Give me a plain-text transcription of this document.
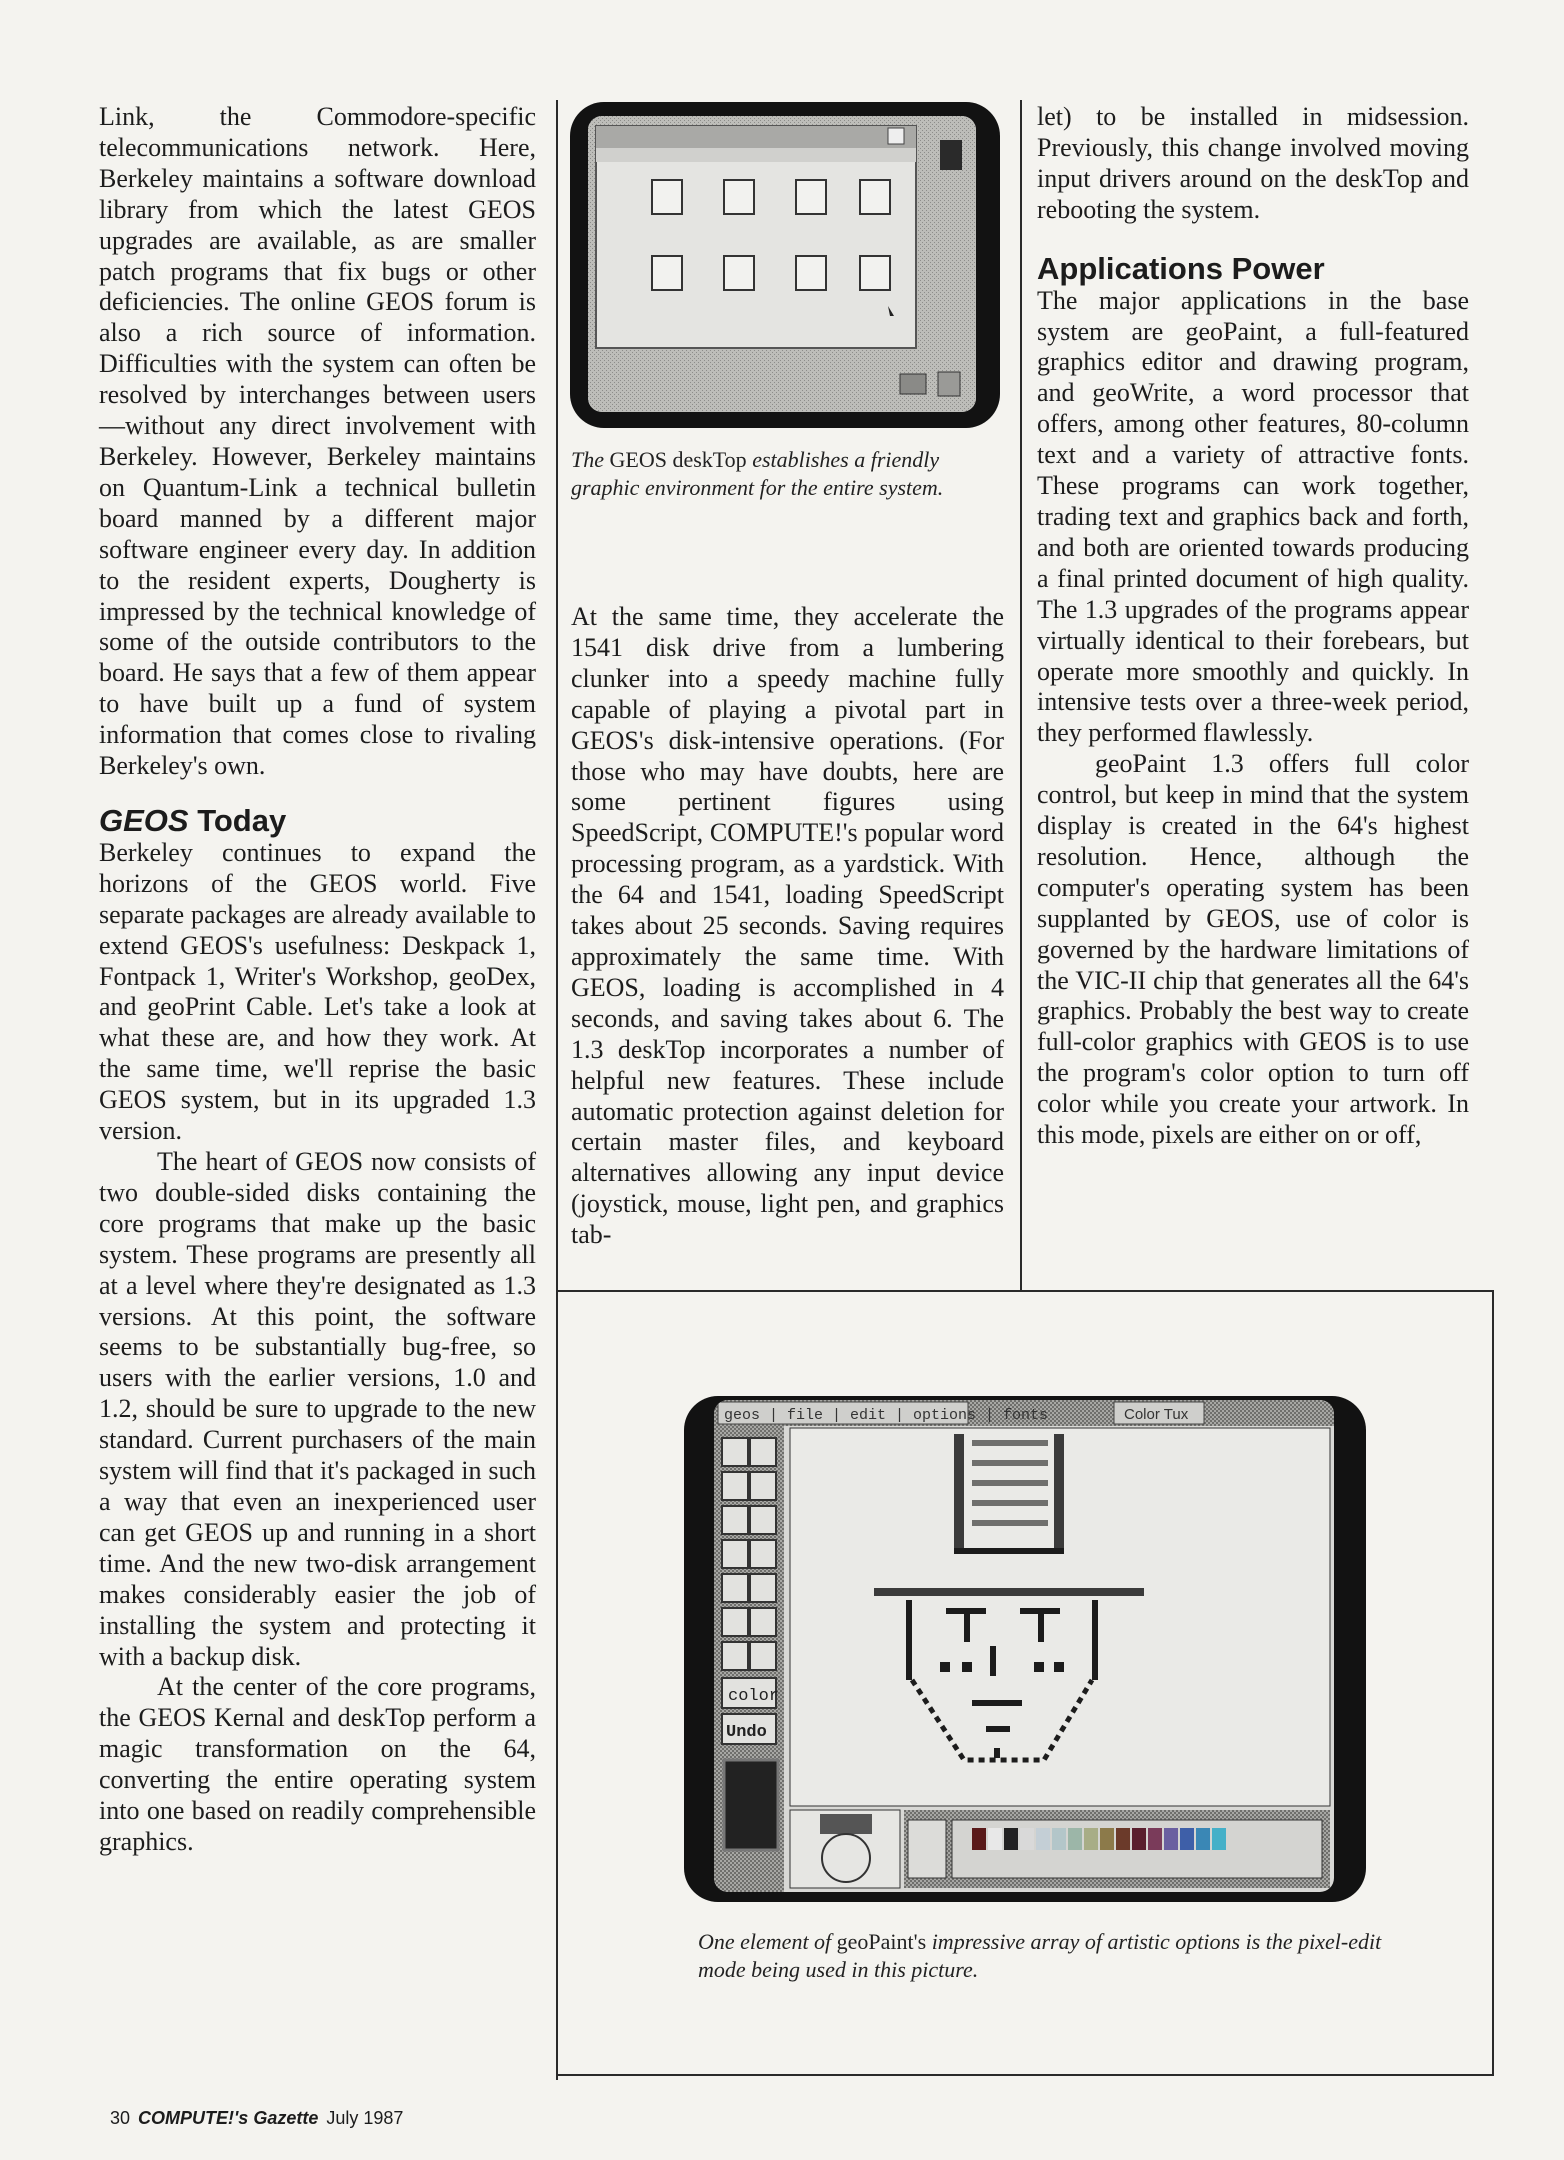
Link, the Commodore-specific telecommunications network. Here, Berkeley maintains a software download library from which the latest GEOS upgrades are available, as are smaller patch programs that fix bugs or other deficiencies. The online GEOS forum is also a rich source of information. Difficulties with the system can often be resolved by interchanges between users—without any direct involvement with Berkeley. However, Berkeley maintains on Quantum-Link a technical bulletin board manned by a different major software engineer every day. In addition to the resident experts, Dougherty is impressed by the technical knowledge of some of the outside contributors to the board. He says that a few of them appear to have built up a fund of system information that comes close to rivaling Berkeley's own.

GEOS Today

Berkeley continues to expand the horizons of the GEOS world. Five separate packages are already available to extend GEOS's usefulness: Deskpack 1, Fontpack 1, Writer's Workshop, geoDex, and geoPrint Cable. Let's take a look at what these are, and how they work. At the same time, we'll reprise the basic GEOS system, but in its upgraded 1.3 version.

The heart of GEOS now consists of two double-sided disks containing the core programs that make up the basic system. These programs are presently all at a level where they're designated as 1.3 versions. At this point, the software seems to be substantially bug-free, so users with the earlier versions, 1.0 and 1.2, should be sure to upgrade to the new standard. Current purchasers of the main system will find that it's packaged in such a way that even an inexperienced user can get GEOS up and running in a short time. And the new two-disk arrangement makes considerably easier the job of installing the system and protecting it with a backup disk.

At the center of the core programs, the GEOS Kernal and deskTop perform a magic transformation on the 64, converting the entire operating system into one based on readily comprehensible graphics.

The GEOS deskTop establishes a friendly graphic environment for the entire system.

At the same time, they accelerate the 1541 disk drive from a lumbering clunker into a speedy machine fully capable of playing a pivotal part in GEOS's disk-intensive operations. (For those who may have doubts, here are some pertinent figures using SpeedScript, COMPUTE!'s popular word processing program, as a yardstick. With the 64 and 1541, loading SpeedScript takes about 25 seconds. Saving requires approximately the same time. With GEOS, loading is accomplished in 4 seconds, and saving takes about 6. The 1.3 deskTop incorporates a number of helpful new features. These include automatic protection against deletion for certain master files, and keyboard alternatives allowing any input device (joystick, mouse, light pen, and graphics tab-

let) to be installed in midsession. Previously, this change involved moving input drivers around on the deskTop and rebooting the system.

Applications Power

The major applications in the base system are geoPaint, a full-featured graphics editor and drawing program, and geoWrite, a word processor that offers, among other features, 80-column text and a variety of attractive fonts. These programs can work together, trading text and graphics back and forth, and both are oriented towards producing a final printed document of high quality. The 1.3 upgrades of the programs appear virtually identical to their forebears, but operate more smoothly and quickly. In intensive tests over a three-week period, they performed flawlessly.

geoPaint 1.3 offers full color control, but keep in mind that the system display is created in the 64's highest resolution. Hence, although the computer's operating system has been supplanted by GEOS, use of color is governed by the hardware limitations of the VIC-II chip that generates all the 64's graphics. Probably the best way to create full-color graphics with GEOS is to use the program's color option to turn off color while you create your artwork. In this mode, pixels are either on or off,

geos | file | edit | options | fonts	Color Tux
color
Undo
One element of geoPaint's impressive array of artistic options is the pixel-edit mode being used in this picture.
30 COMPUTE!'s Gazette July 1987
